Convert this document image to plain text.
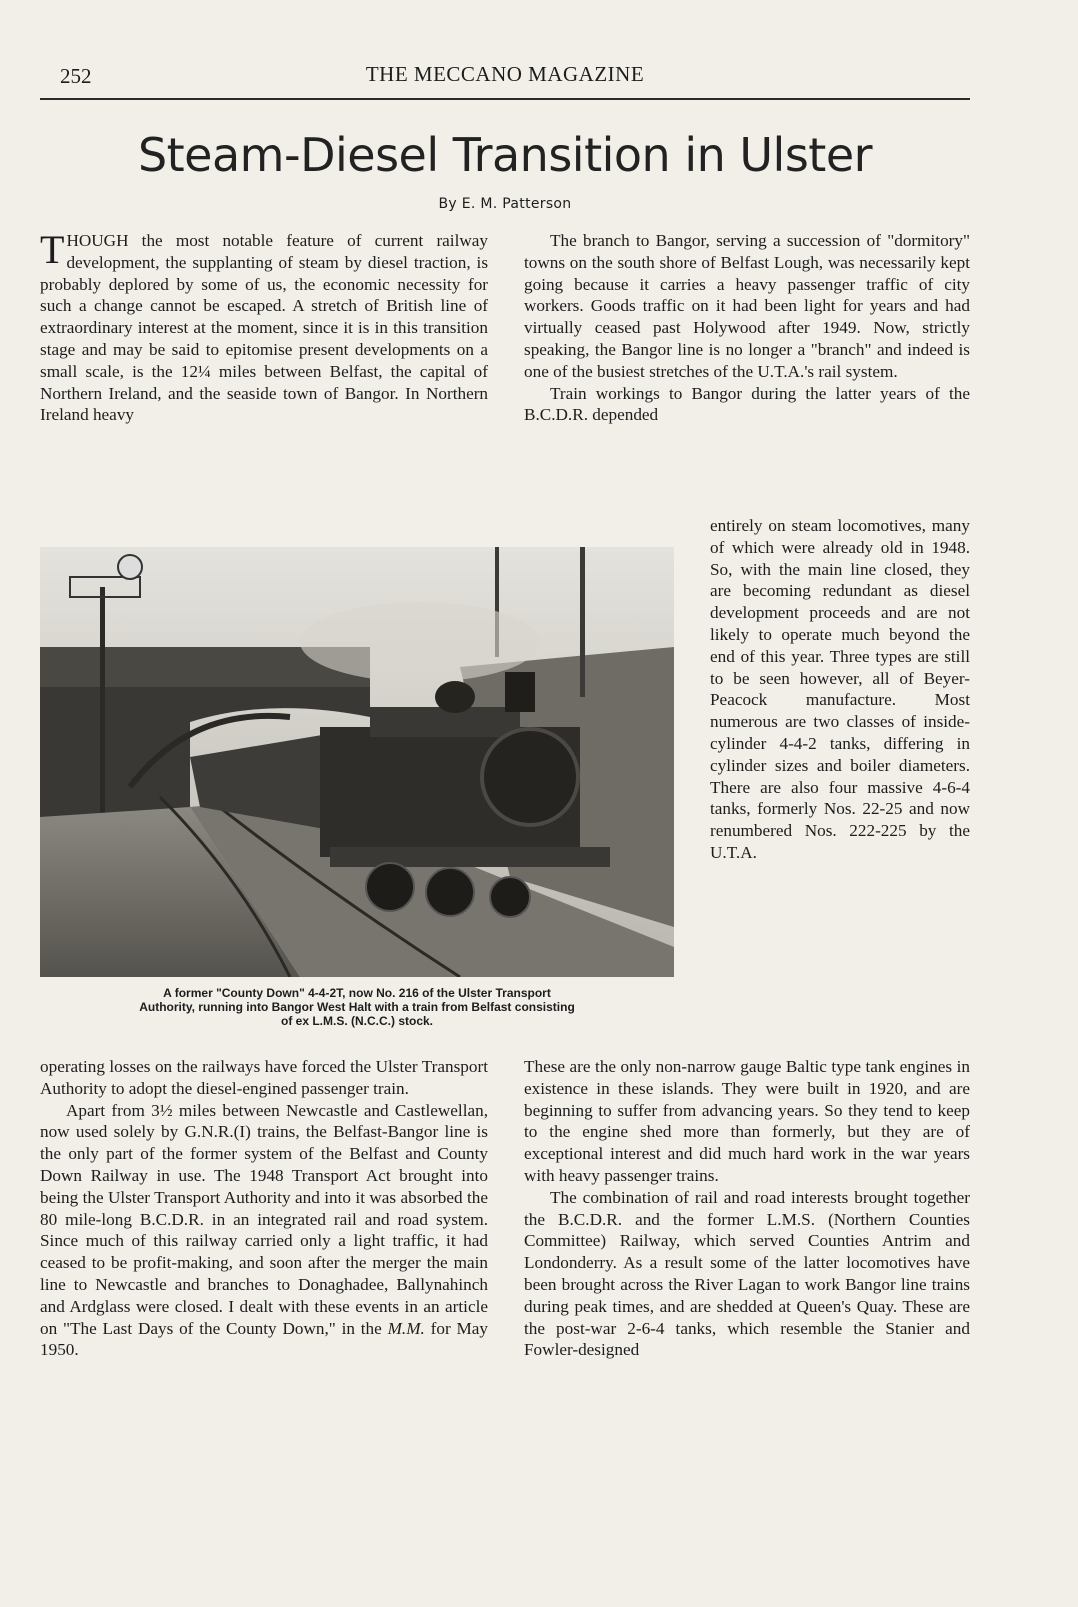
252	THE MECCANO MAGAZINE
Steam-Diesel Transition in Ulster
By E. M. Patterson
T HOUGH the most notable feature of current railway development, the supplanting of steam by diesel traction, is probably deplored by some of us, the economic necessity for such a change cannot be escaped. A stretch of British line of extraordinary interest at the moment, since it is in this transition stage and may be said to epitomise present developments on a small scale, is the 12¼ miles between Belfast, the capital of Northern Ireland, and the seaside town of Bangor. In Northern Ireland heavy

The branch to Bangor, serving a succession of "dormitory" towns on the south shore of Belfast Lough, was necessarily kept going because it carries a heavy passenger traffic of city workers. Goods traffic on it had been light for years and had virtually ceased past Holywood after 1949. Now, strictly speaking, the Bangor line is no longer a "branch" and indeed is one of the busiest stretches of the U.T.A.'s rail system.

Train workings to Bangor during the latter years of the B.C.D.R. depended

entirely on steam locomotives, many of which were already old in 1948. So, with the main line closed, they are becoming redundant as diesel development proceeds and are not likely to operate much beyond the end of this year. Three types are still to be seen however, all of Beyer-Peacock manufacture. Most numerous are two classes of inside-cylinder 4-4-2 tanks, differing in cylinder sizes and boiler diameters. There are also four massive 4-6-4 tanks, formerly Nos. 22-25 and now renumbered Nos. 222-225 by the U.T.A.

A former "County Down" 4-4-2T, now No. 216 of the Ulster Transport
Authority, running into Bangor West Halt with a train from Belfast consisting
of ex L.M.S. (N.C.C.) stock.

operating losses on the railways have forced the Ulster Transport Authority to adopt the diesel-engined passenger train.

Apart from 3½ miles between Newcastle and Castlewellan, now used solely by G.N.R.(I) trains, the Belfast-Bangor line is the only part of the former system of the Belfast and County Down Railway in use. The 1948 Transport Act brought into being the Ulster Transport Authority and into it was absorbed the 80 mile-long B.C.D.R. in an integrated rail and road system. Since much of this railway carried only a light traffic, it had ceased to be profit-making, and soon after the merger the main line to Newcastle and branches to Donaghadee, Ballynahinch and Ardglass were closed. I dealt with these events in an article on "The Last Days of the County Down," in the M.M. for May 1950.

These are the only non-narrow gauge Baltic type tank engines in existence in these islands. They were built in 1920, and are beginning to suffer from advancing years. So they tend to keep to the engine shed more than formerly, but they are of exceptional interest and did much hard work in the war years with heavy passenger trains.

The combination of rail and road interests brought together the B.C.D.R. and the former L.M.S. (Northern Counties Committee) Railway, which served Counties Antrim and Londonderry. As a result some of the latter locomotives have been brought across the River Lagan to work Bangor line trains during peak times, and are shedded at Queen's Quay. These are the post-war 2-6-4 tanks, which resemble the Stanier and Fowler-designed
